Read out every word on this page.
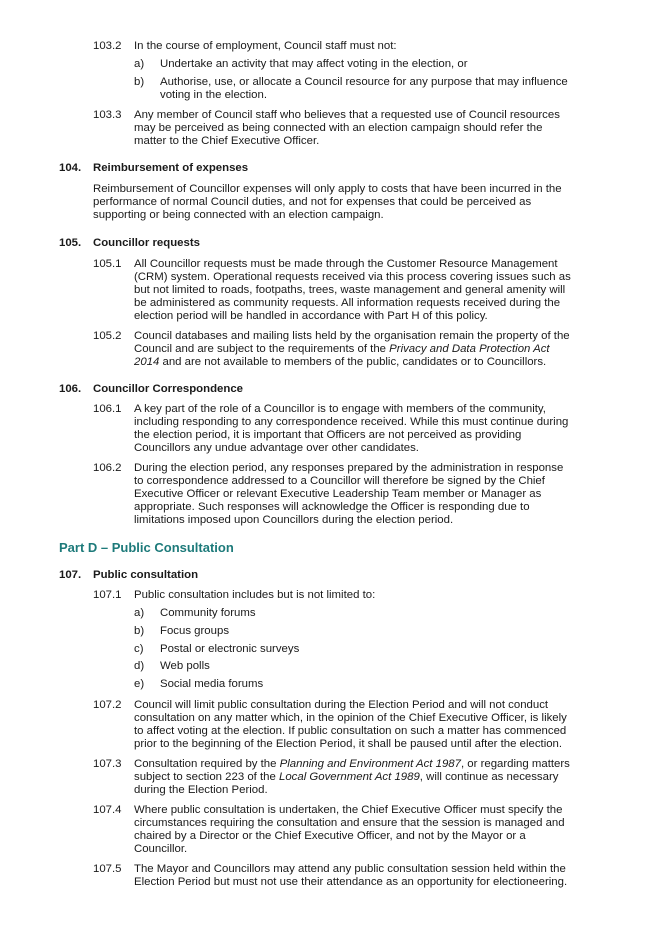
103.2 In the course of employment, Council staff must not:
a) Undertake an activity that may affect voting in the election, or
b) Authorise, use, or allocate a Council resource for any purpose that may influence
voting in the election.
103.3 Any member of Council staff who believes that a requested use of Council resources
may be perceived as being connected with an election campaign should refer the
matter to the Chief Executive Officer.
104. Reimbursement of expenses
Reimbursement of Councillor expenses will only apply to costs that have been incurred in the
performance of normal Council duties, and not for expenses that could be perceived as
supporting or being connected with an election campaign.
105. Councillor requests
105.1 All Councillor requests must be made through the Customer Resource Management
(CRM) system. Operational requests received via this process covering issues such as
but not limited to roads, footpaths, trees, waste management and general amenity will
be administered as community requests. All information requests received during the
election period will be handled in accordance with Part H of this policy.
105.2 Council databases and mailing lists held by the organisation remain the property of the
Council and are subject to the requirements of the Privacy and Data Protection Act
2014 and are not available to members of the public, candidates or to Councillors.
106. Councillor Correspondence
106.1 A key part of the role of a Councillor is to engage with members of the community,
including responding to any correspondence received. While this must continue during
the election period, it is important that Officers are not perceived as providing
Councillors any undue advantage over other candidates.
106.2 During the election period, any responses prepared by the administration in response
to correspondence addressed to a Councillor will therefore be signed by the Chief
Executive Officer or relevant Executive Leadership Team member or Manager as
appropriate. Such responses will acknowledge the Officer is responding due to
limitations imposed upon Councillors during the election period.
Part D – Public Consultation
107. Public consultation
107.1 Public consultation includes but is not limited to:
a) Community forums
b) Focus groups
c) Postal or electronic surveys
d) Web polls
e) Social media forums
107.2 Council will limit public consultation during the Election Period and will not conduct
consultation on any matter which, in the opinion of the Chief Executive Officer, is likely
to affect voting at the election. If public consultation on such a matter has commenced
prior to the beginning of the Election Period, it shall be paused until after the election.
107.3 Consultation required by the Planning and Environment Act 1987, or regarding matters
subject to section 223 of the Local Government Act 1989, will continue as necessary
during the Election Period.
107.4 Where public consultation is undertaken, the Chief Executive Officer must specify the
circumstances requiring the consultation and ensure that the session is managed and
chaired by a Director or the Chief Executive Officer, and not by the Mayor or a
Councillor.
107.5 The Mayor and Councillors may attend any public consultation session held within the
Election Period but must not use their attendance as an opportunity for electioneering.
